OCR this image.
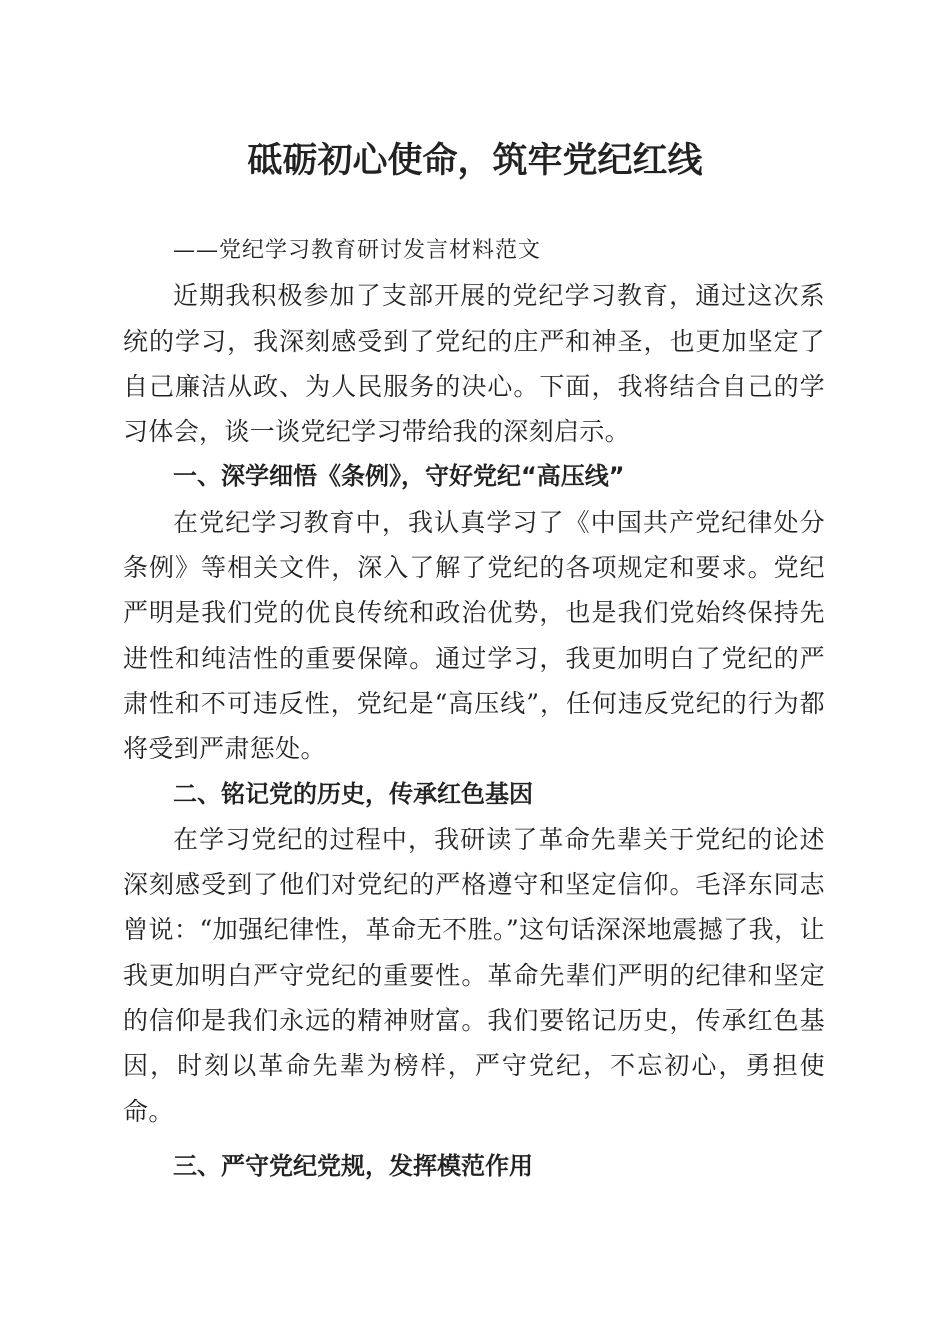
砥砺初心使命，筑牢党纪红线

——党纪学习教育研讨发言材料范文

近期我积极参加了支部开展的党纪学习教育，通过这次系统的学习，我深刻感受到了党纪的庄严和神圣，也更加坚定了自己廉洁从政、为人民服务的决心。下面，我将结合自己的学习体会，谈一谈党纪学习带给我的深刻启示。

一、深学细悟《条例》，守好党纪“高压线”

在党纪学习教育中，我认真学习了《中国共产党纪律处分条例》等相关文件，深入了解了党纪的各项规定和要求。党纪严明是我们党的优良传统和政治优势，也是我们党始终保持先进性和纯洁性的重要保障。通过学习，我更加明白了党纪的严肃性和不可违反性，党纪是“高压线”，任何违反党纪的行为都将受到严肃惩处。

二、铭记党的历史，传承红色基因

在学习党纪的过程中，我研读了革命先辈关于党纪的论述深刻感受到了他们对党纪的严格遵守和坚定信仰。毛泽东同志曾说：“加强纪律性，革命无不胜。”这句话深深地震撼了我，让我更加明白严守党纪的重要性。革命先辈们严明的纪律和坚定的信仰是我们永远的精神财富。我们要铭记历史，传承红色基因，时刻以革命先辈为榜样，严守党纪，不忘初心，勇担使命。

三、严守党纪党规，发挥模范作用
